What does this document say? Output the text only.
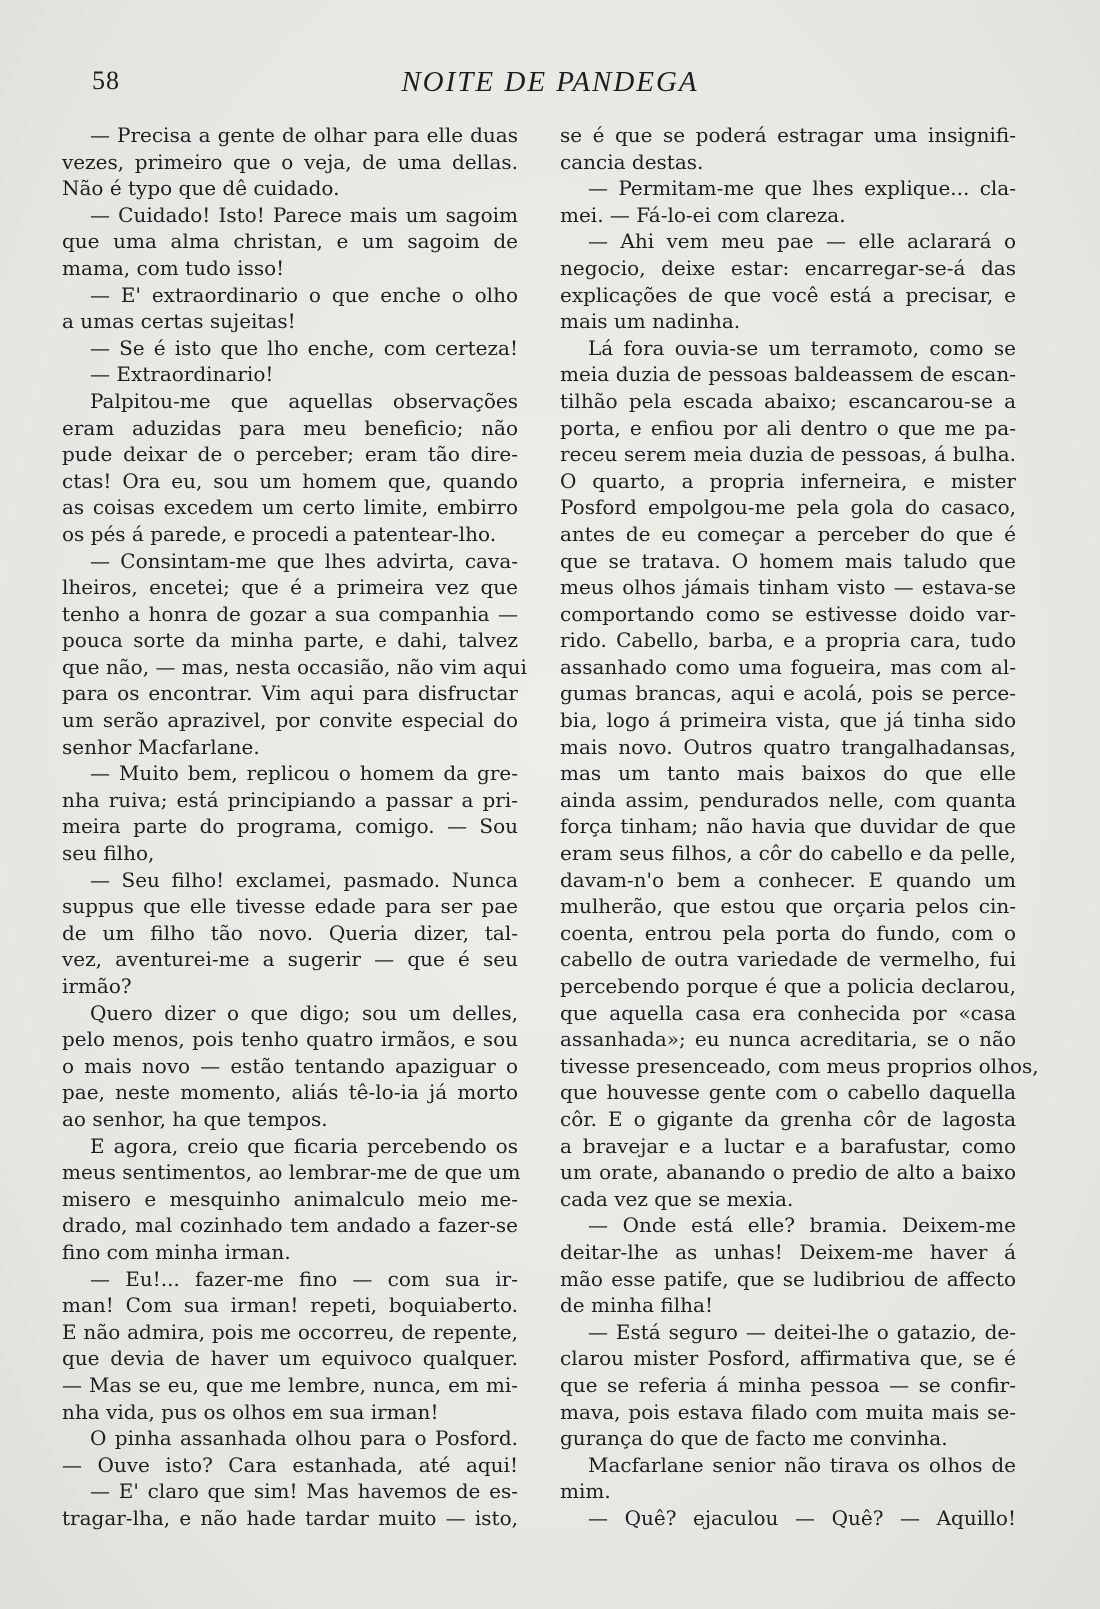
58	NOITE DE PANDEGA
— Precisa a gente de olhar para elle duas
vezes, primeiro que o veja, de uma dellas.
Não é typo que dê cuidado.
— Cuidado! Isto! Parece mais um sagoim
que uma alma christan, e um sagoim de
mama, com tudo isso!
— E' extraordinario o que enche o olho
a umas certas sujeitas!
— Se é isto que lho enche, com certeza!
— Extraordinario!
Palpitou-me que aquellas observações
eram aduzidas para meu beneficio; não
pude deixar de o perceber; eram tão dire-
ctas! Ora eu, sou um homem que, quando
as coisas excedem um certo limite, embirro
os pés á parede, e procedi a patentear-lho.
— Consintam-me que lhes advirta, cava-
lheiros, encetei; que é a primeira vez que
tenho a honra de gozar a sua companhia —
pouca sorte da minha parte, e dahi, talvez
que não, — mas, nesta occasião, não vim aqui
para os encontrar. Vim aqui para disfructar
um serão aprazivel, por convite especial do
senhor Macfarlane.
— Muito bem, replicou o homem da gre-
nha ruiva; está principiando a passar a pri-
meira parte do programa, comigo. — Sou
seu filho,
— Seu filho! exclamei, pasmado. Nunca
suppus que elle tivesse edade para ser pae
de um filho tão novo. Queria dizer, tal-
vez, aventurei-me a sugerir — que é seu
irmão?
Quero dizer o que digo; sou um delles,
pelo menos, pois tenho quatro irmãos, e sou
o mais novo — estão tentando apaziguar o
pae, neste momento, aliás tê-lo-ia já morto
ao senhor, ha que tempos.
E agora, creio que ficaria percebendo os
meus sentimentos, ao lembrar-me de que um
misero e mesquinho animalculo meio me-
drado, mal cozinhado tem andado a fazer-se
fino com minha irman.
— Eu!... fazer-me fino — com sua ir-
man! Com sua irman! repeti, boquiaberto.
E não admira, pois me occorreu, de repente,
que devia de haver um equivoco qualquer.
— Mas se eu, que me lembre, nunca, em mi-
nha vida, pus os olhos em sua irman!
O pinha assanhada olhou para o Posford.
— Ouve isto? Cara estanhada, até aqui!
— E' claro que sim! Mas havemos de es-
tragar-lha, e não hade tardar muito — isto,
se é que se poderá estragar uma insignifi-
cancia destas.
— Permitam-me que lhes explique... cla-
mei. — Fá-lo-ei com clareza.
— Ahi vem meu pae — elle aclarará o
negocio, deixe estar: encarregar-se-á das
explicações de que você está a precisar, e
mais um nadinha.
Lá fora ouvia-se um terramoto, como se
meia duzia de pessoas baldeassem de escan-
tilhão pela escada abaixo; escancarou-se a
porta, e enfiou por ali dentro o que me pa-
receu serem meia duzia de pessoas, á bulha.
O quarto, a propria inferneira, e mister
Posford empolgou-me pela gola do casaco,
antes de eu começar a perceber do que é
que se tratava. O homem mais taludo que
meus olhos jámais tinham visto — estava-se
comportando como se estivesse doido var-
rido. Cabello, barba, e a propria cara, tudo
assanhado como uma fogueira, mas com al-
gumas brancas, aqui e acolá, pois se perce-
bia, logo á primeira vista, que já tinha sido
mais novo. Outros quatro trangalhadansas,
mas um tanto mais baixos do que elle
ainda assim, pendurados nelle, com quanta
força tinham; não havia que duvidar de que
eram seus filhos, a côr do cabello e da pelle,
davam-n'o bem a conhecer. E quando um
mulherão, que estou que orçaria pelos cin-
coenta, entrou pela porta do fundo, com o
cabello de outra variedade de vermelho, fui
percebendo porque é que a policia declarou,
que aquella casa era conhecida por «casa
assanhada»; eu nunca acreditaria, se o não
tivesse presenceado, com meus proprios olhos,
que houvesse gente com o cabello daquella
côr. E o gigante da grenha côr de lagosta
a bravejar e a luctar e a barafustar, como
um orate, abanando o predio de alto a baixo
cada vez que se mexia.
— Onde está elle? bramia. Deixem-me
deitar-lhe as unhas! Deixem-me haver á
mão esse patife, que se ludibriou de affecto
de minha filha!
— Está seguro — deitei-lhe o gatazio, de-
clarou mister Posford, affirmativa que, se é
que se referia á minha pessoa — se confir-
mava, pois estava filado com muita mais se-
gurança do que de facto me convinha.
Macfarlane senior não tirava os olhos de
mim.
— Quê? ejaculou — Quê? — Aquillo!
